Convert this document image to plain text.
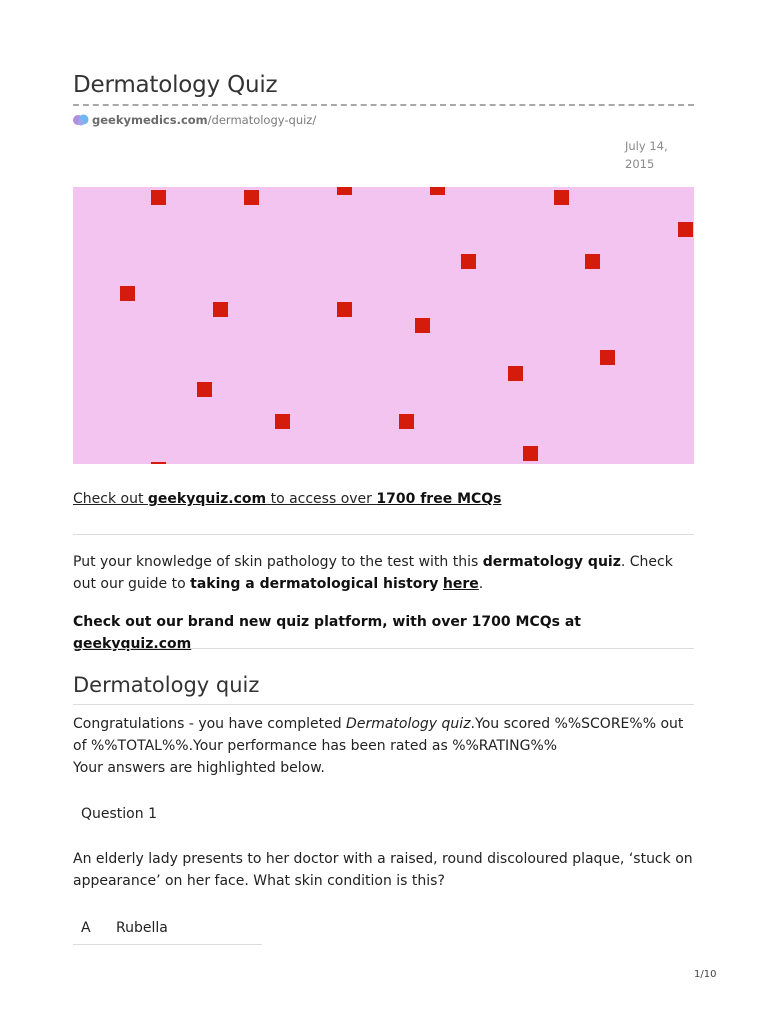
Dermatology Quiz
geekymedics.com /dermatology-quiz/
July 14, 2015
Check out geekyquiz.com to access over 1700 free MCQs
Put your knowledge of skin pathology to the test with this dermatology quiz. Check out our guide to taking a dermatological history here.
Check out our brand new quiz platform, with over 1700 MCQs at geekyquiz.com
Dermatology quiz
Congratulations - you have completed Dermatology quiz.You scored %%SCORE%% out of %%TOTAL%%.Your performance has been rated as %%RATING%%
Your answers are highlighted below.
Question 1
An elderly lady presents to her doctor with a raised, round discoloured plaque, ‘stuck on appearance’ on her face. What skin condition is this?
A	Rubella
1/10
